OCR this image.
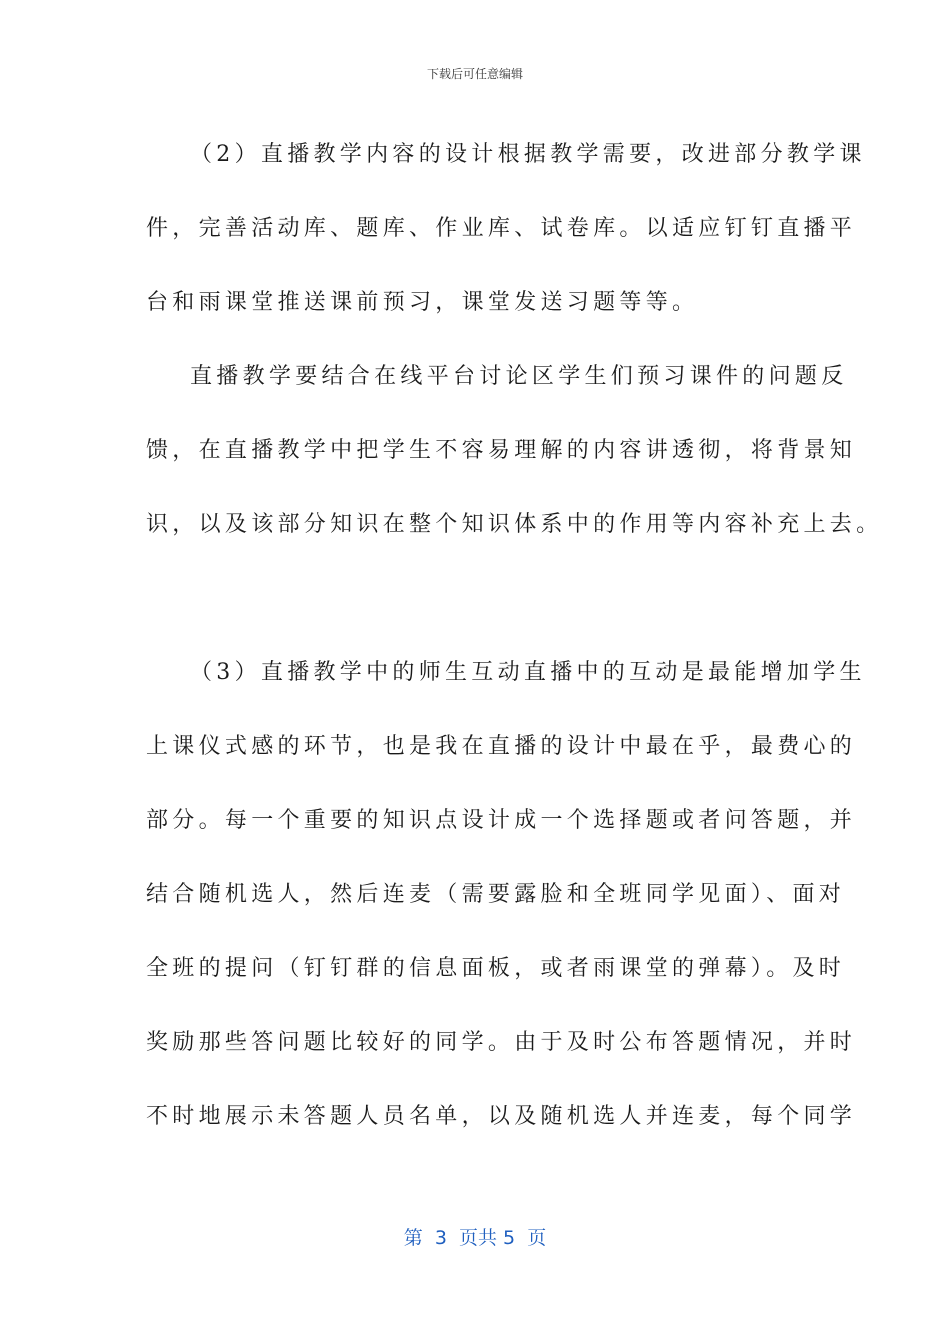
下载后可任意编辑
（2）直播教学内容的设计根据教学需要，改进部分教学课
件，完善活动库、题库、作业库、试卷库。以适应钉钉直播平
台和雨课堂推送课前预习，课堂发送习题等等。
直播教学要结合在线平台讨论区学生们预习课件的问题反
馈，在直播教学中把学生不容易理解的内容讲透彻，将背景知
识，以及该部分知识在整个知识体系中的作用等内容补充上去。
（3）直播教学中的师生互动直播中的互动是最能增加学生
上课仪式感的环节，也是我在直播的设计中最在乎，最费心的
部分。每一个重要的知识点设计成一个选择题或者问答题，并
结合随机选人，然后连麦（需要露脸和全班同学见面）、面对
全班的提问（钉钉群的信息面板，或者雨课堂的弹幕）。及时
奖励那些答问题比较好的同学。由于及时公布答题情况，并时
不时地展示未答题人员名单，以及随机选人并连麦，每个同学
第  3  页共 5  页
